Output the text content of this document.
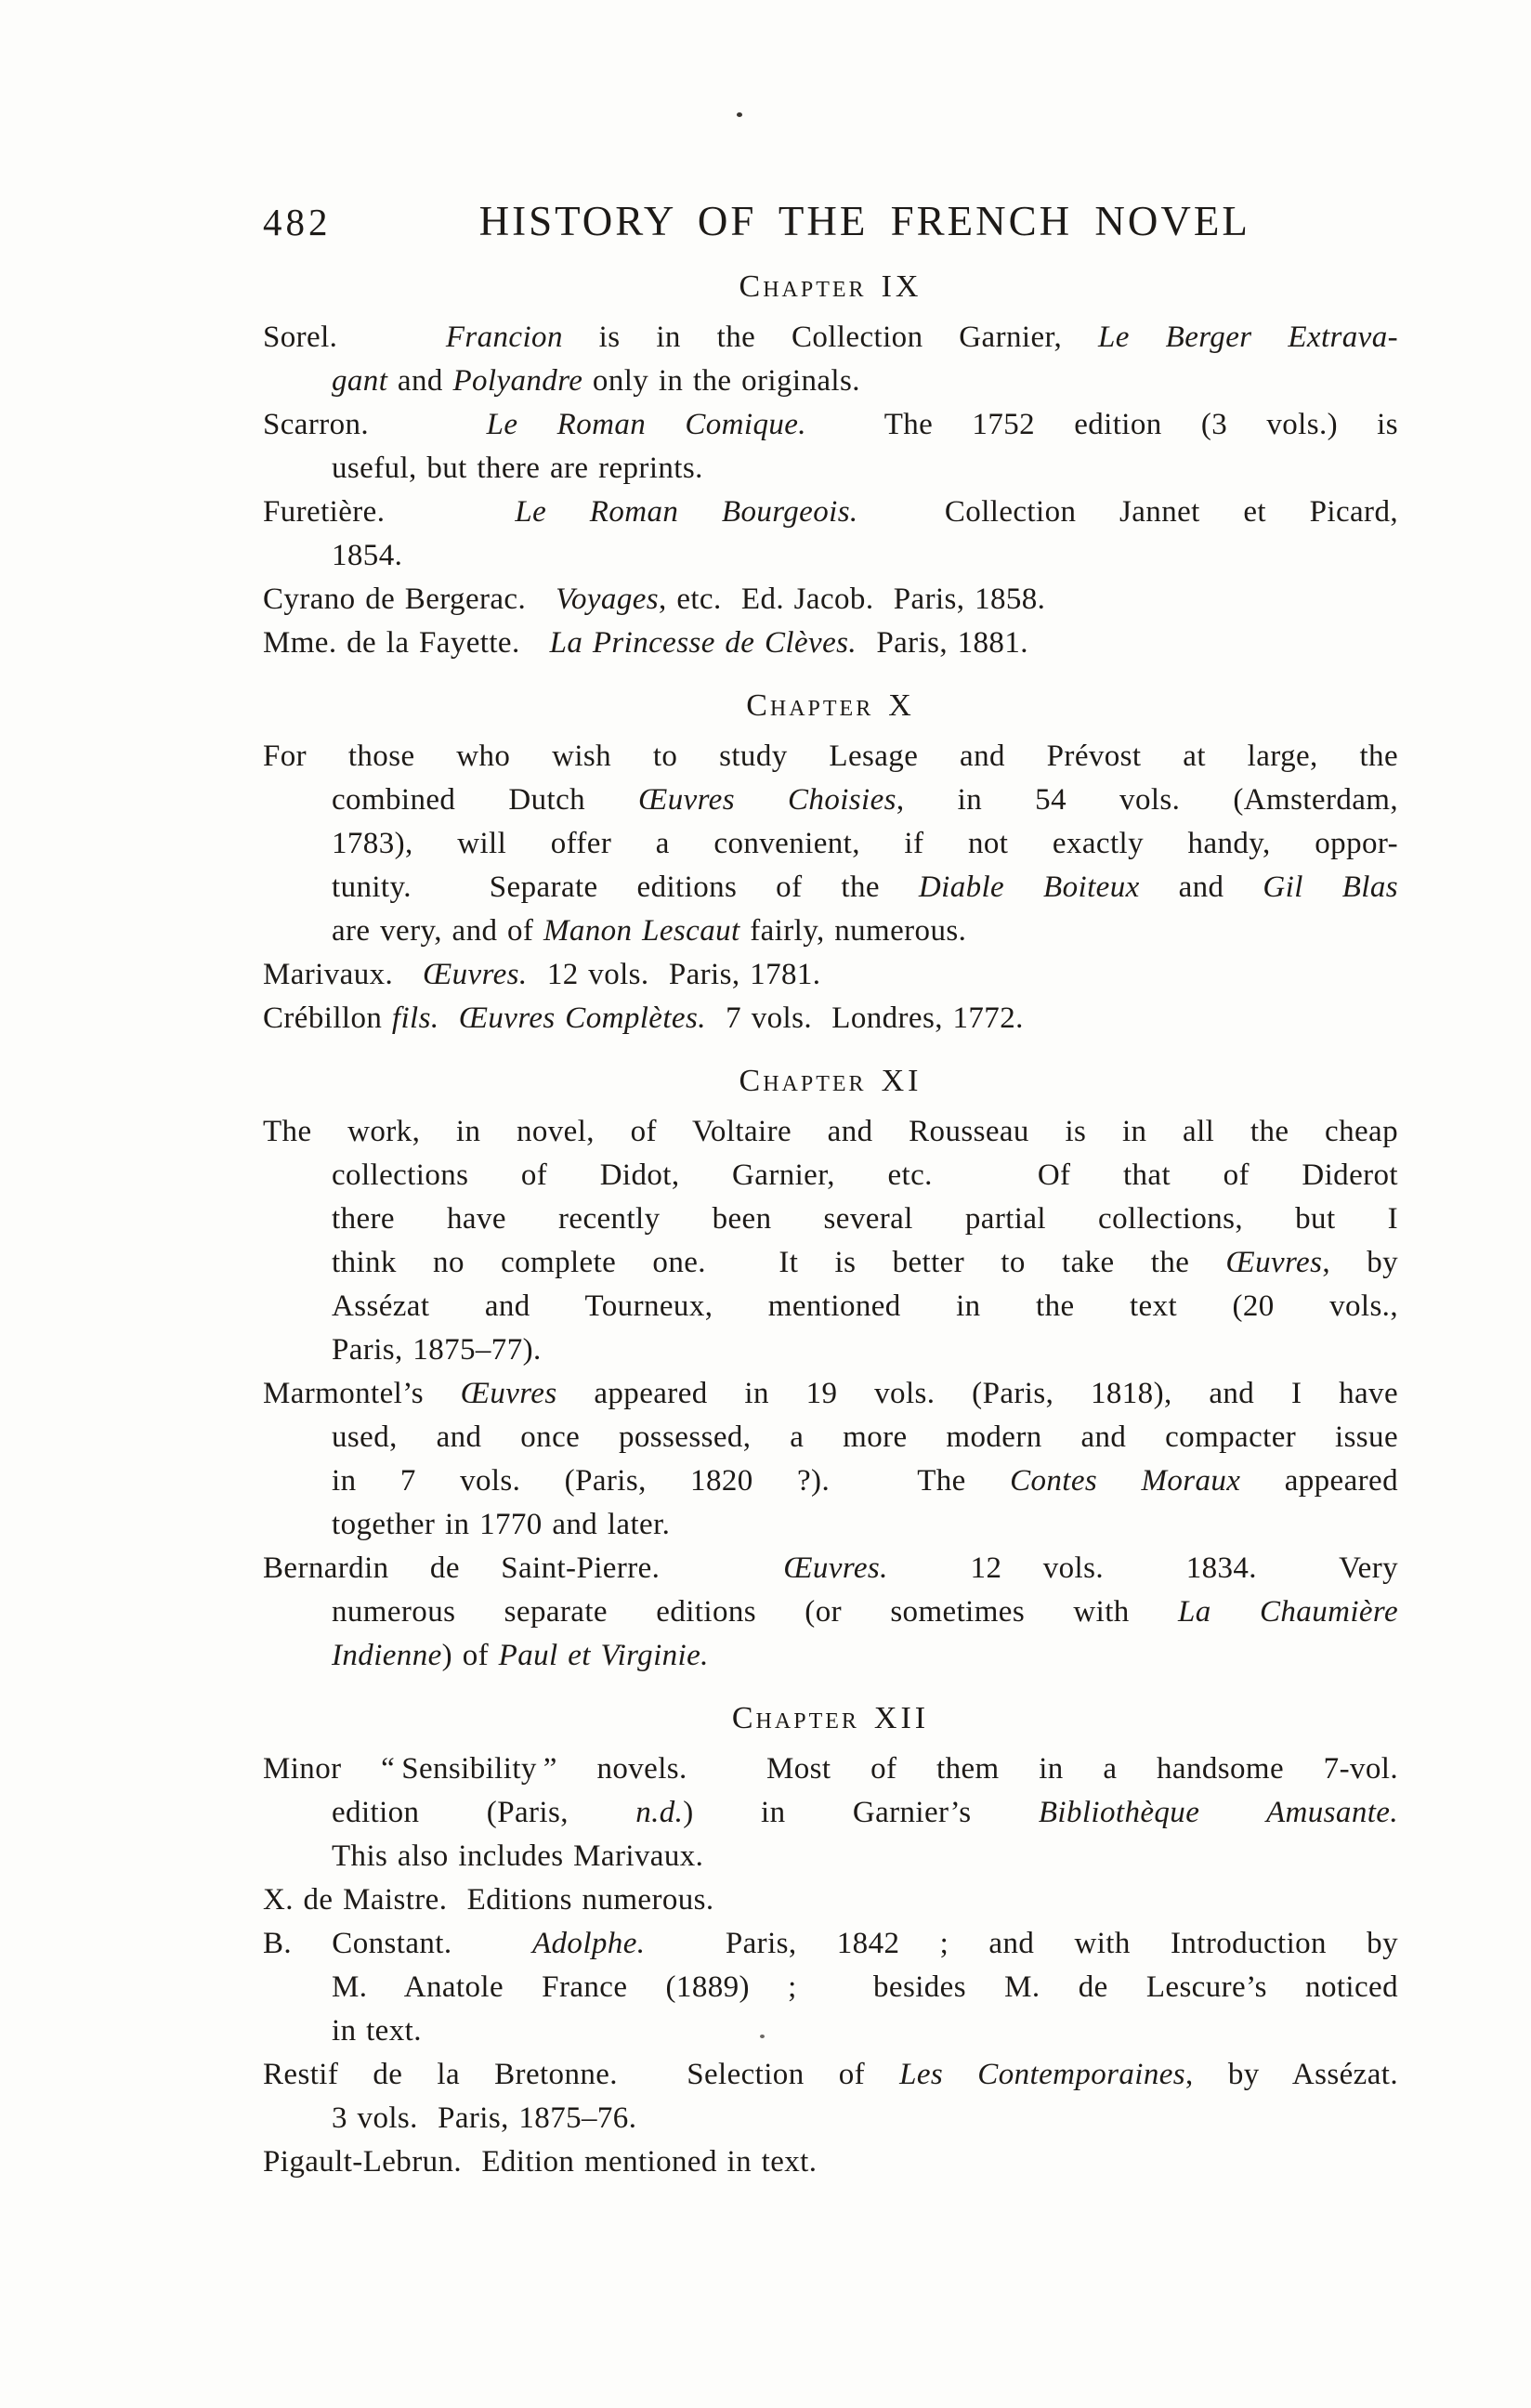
482	HISTORY OF THE FRENCH NOVEL
Chapter IX
Sorel.   Francion is in the Collection Garnier, Le Berger Extrava-
gant and Polyandre only in the originals.
Scarron.   Le Roman Comique.  The 1752 edition (3 vols.) is
useful, but there are reprints.
Furetière.   Le Roman Bourgeois.  Collection Jannet et Picard,
1854.
Cyrano de Bergerac.   Voyages, etc.  Ed. Jacob.  Paris, 1858.
Mme. de la Fayette.   La Princesse de Clèves.  Paris, 1881.
Chapter X
For those who wish to study Lesage and Prévost at large, the
combined Dutch Œuvres Choisies, in 54 vols. (Amsterdam,
1783), will offer a convenient, if not exactly handy, oppor-
tunity.  Separate editions of the Diable Boiteux and Gil Blas
are very, and of Manon Lescaut fairly, numerous.
Marivaux.   Œuvres.  12 vols.  Paris, 1781.
Crébillon fils. Œuvres Complètes.  7 vols.  Londres, 1772.
Chapter XI
The work, in novel, of Voltaire and Rousseau is in all the cheap
collections of Didot, Garnier, etc.  Of that of Diderot
there have recently been several partial collections, but I
think no complete one.  It is better to take the Œuvres, by
Assézat and Tourneux, mentioned in the text (20 vols.,
Paris, 1875–77).
Marmontel’s Œuvres appeared in 19 vols. (Paris, 1818), and I have
used, and once possessed, a more modern and compacter issue
in 7 vols. (Paris, 1820 ?).  The Contes Moraux appeared
together in 1770 and later.
Bernardin de Saint-Pierre.   Œuvres.  12 vols.  1834.  Very
numerous separate editions (or sometimes with La Chaumière
Indienne) of Paul et Virginie.
Chapter XII
Minor “ Sensibility ” novels.  Most of them in a handsome 7-vol.
edition (Paris, n.d.) in Garnier’s Bibliothèque Amusante.
This also includes Marivaux.
X. de Maistre.  Editions numerous.
B. Constant.  Adolphe.  Paris, 1842 ; and with Introduction by
M. Anatole France (1889) ;  besides M. de Lescure’s noticed
in text.
Restif de la Bretonne.  Selection of Les Contemporaines, by Assézat.
3 vols.  Paris, 1875–76.
Pigault-Lebrun.  Edition mentioned in text.
